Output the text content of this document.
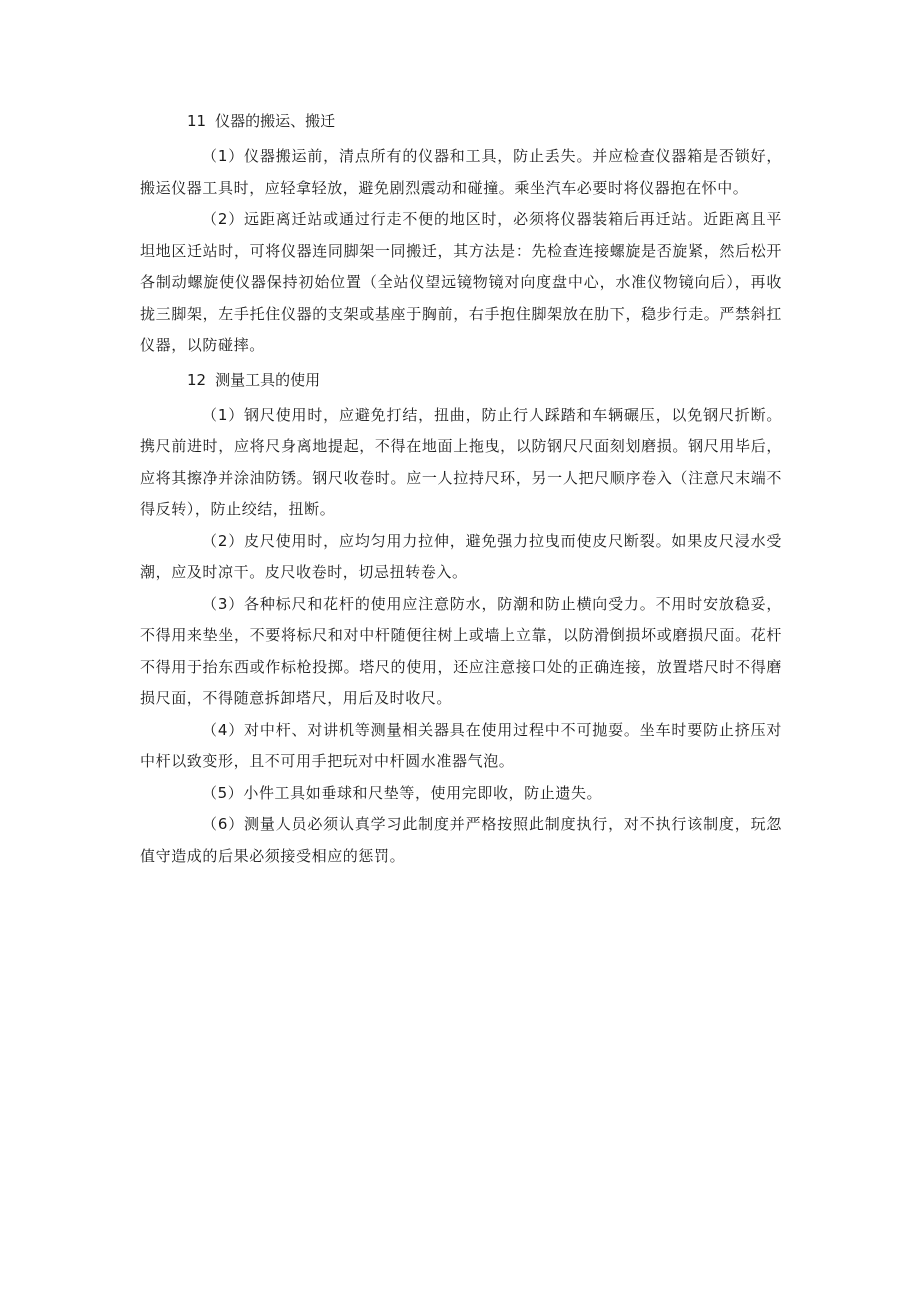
11 仪器的搬运、搬迁

（1）仪器搬运前，清点所有的仪器和工具，防止丢失。并应检查仪器箱是否锁好，搬运仪器工具时，应轻拿轻放，避免剧烈震动和碰撞。乘坐汽车必要时将仪器抱在怀中。

（2）远距离迁站或通过行走不便的地区时，必须将仪器装箱后再迁站。近距离且平坦地区迁站时，可将仪器连同脚架一同搬迁，其方法是：先检查连接螺旋是否旋紧，然后松开各制动螺旋使仪器保持初始位置（全站仪望远镜物镜对向度盘中心，水准仪物镜向后），再收拢三脚架，左手托住仪器的支架或基座于胸前，右手抱住脚架放在肋下，稳步行走。严禁斜扛仪器，以防碰摔。

12 测量工具的使用

（1）钢尺使用时，应避免打结，扭曲，防止行人踩踏和车辆碾压，以免钢尺折断。携尺前进时，应将尺身离地提起，不得在地面上拖曳，以防钢尺尺面刻划磨损。钢尺用毕后，应将其擦净并涂油防锈。钢尺收卷时。应一人拉持尺环，另一人把尺顺序卷入（注意尺末端不得反转），防止绞结，扭断。

（2）皮尺使用时，应均匀用力拉伸，避免强力拉曳而使皮尺断裂。如果皮尺浸水受潮，应及时凉干。皮尺收卷时，切忌扭转卷入。

（3）各种标尺和花杆的使用应注意防水，防潮和防止横向受力。不用时安放稳妥，不得用来垫坐，不要将标尺和对中杆随便往树上或墙上立靠，以防滑倒损坏或磨损尺面。花杆不得用于抬东西或作标枪投掷。塔尺的使用，还应注意接口处的正确连接，放置塔尺时不得磨损尺面，不得随意拆卸塔尺，用后及时收尺。

（4）对中杆、对讲机等测量相关器具在使用过程中不可抛耍。坐车时要防止挤压对中杆以致变形，且不可用手把玩对中杆圆水准器气泡。

（5）小件工具如垂球和尺垫等，使用完即收，防止遗失。

（6）测量人员必须认真学习此制度并严格按照此制度执行，对不执行该制度，玩忽值守造成的后果必须接受相应的惩罚。
